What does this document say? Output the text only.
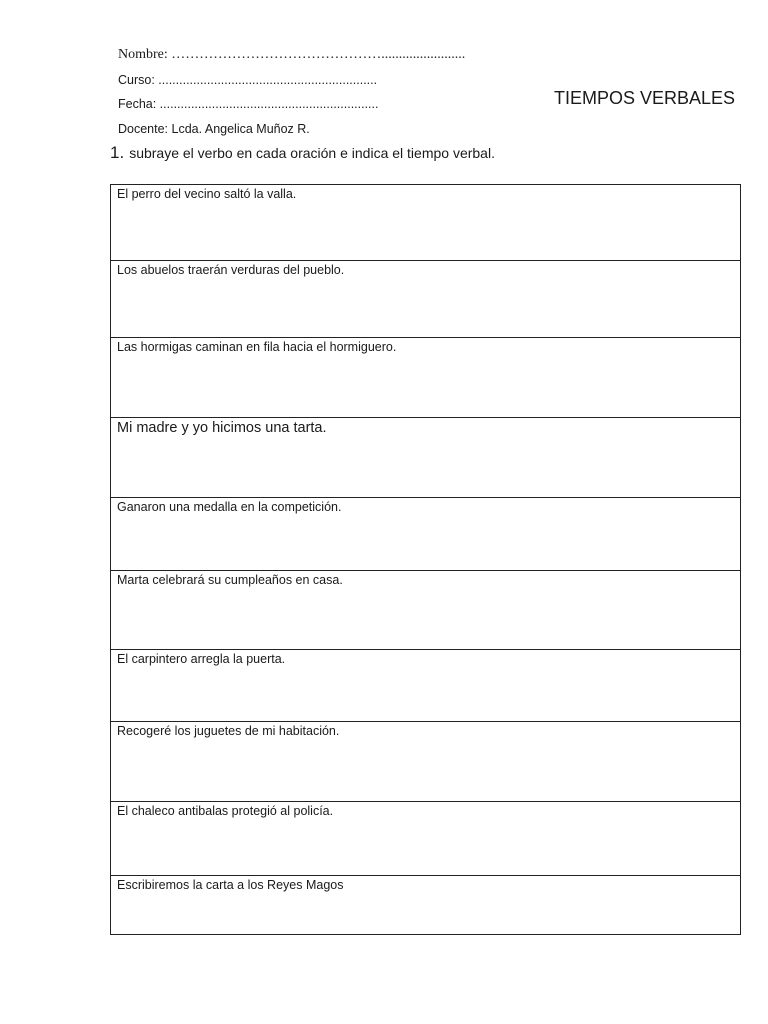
Nombre: ………………………………………........................
Curso: ...............................................................
Fecha: ...............................................................
Docente: Lcda. Angelica Muñoz R.
TIEMPOS VERBALES
1. subraye el verbo en cada oración e indica el tiempo verbal.
El perro del vecino saltó la valla.
Los abuelos traerán verduras del pueblo.
Las hormigas caminan en fila hacia el hormiguero.
Mi madre y yo hicimos una tarta.
Ganaron una medalla en la competición.
Marta celebrará su cumpleaños en casa.
El carpintero arregla la puerta.
Recogeré los juguetes de mi habitación.
El chaleco antibalas protegió al policía.
Escribiremos la carta a los Reyes Magos
